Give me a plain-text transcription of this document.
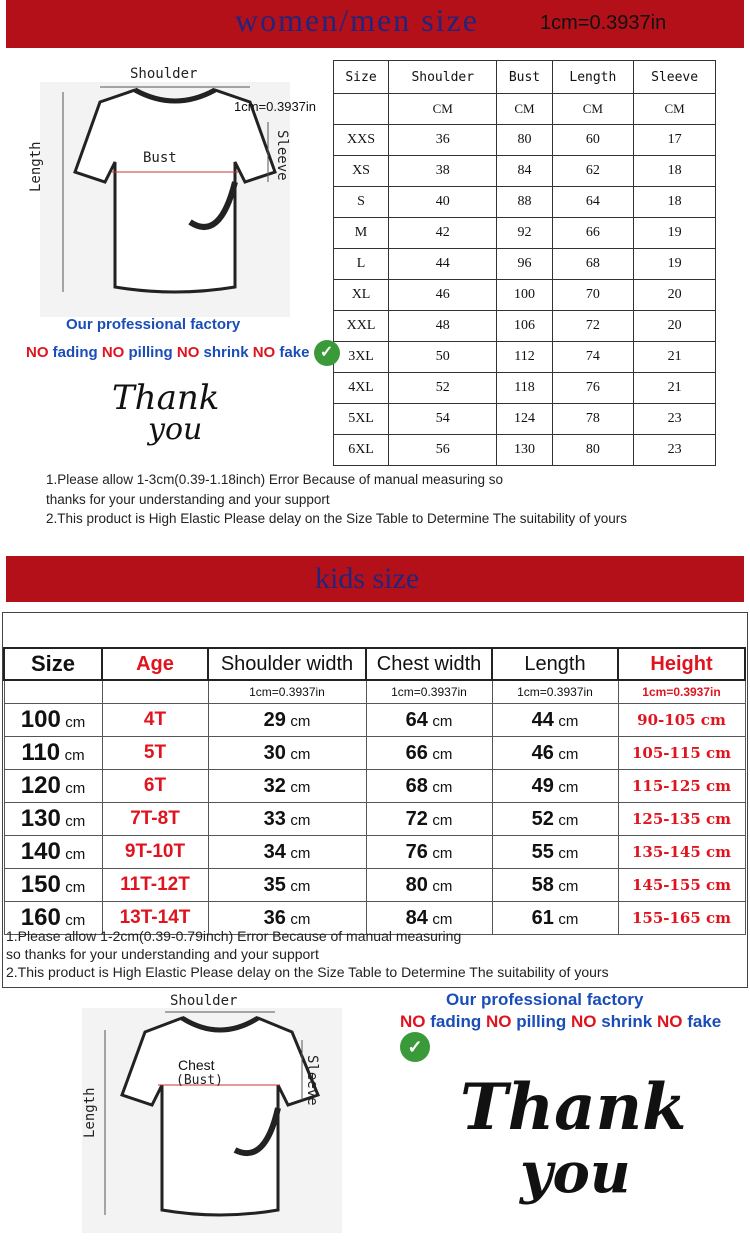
women/men size	1cm=0.3937in
Shoulder
Bust
Length	Sleeve
1cm=0.3937in
Size	Shoulder	Bust	Length	Sleeve
	CM	CM	CM	CM
XXS	36	80	60	17
XS	38	84	62	18
S	40	88	64	18
M	42	92	66	19
L	44	96	68	19
XL	46	100	70	20
XXL	48	106	72	20
3XL	50	112	74	21
4XL	52	118	76	21
5XL	54	124	78	23
6XL	56	130	80	23
Our professional factory
NO fading NO pilling NO shrink NO fake ✓
Thank
you
1.Please allow 1-3cm(0.39-1.18inch) Error Because of manual measuring so
thanks for your understanding and your support
2.This product is High Elastic Please delay on the Size Table to Determine The suitability of yours
kids size
Size	Age	Shoulder width	Chest width	Length	Height
		1cm=0.3937in	1cm=0.3937in	1cm=0.3937in	1cm=0.3937in
100 cm	4T	29 cm	64 cm	44 cm	90-105 cm
110 cm	5T	30 cm	66 cm	46 cm	105-115 cm
120 cm	6T	32 cm	68 cm	49 cm	115-125 cm
130 cm	7T-8T	33 cm	72 cm	52 cm	125-135 cm
140 cm	9T-10T	34 cm	76 cm	55 cm	135-145 cm
150 cm	11T-12T	35 cm	80 cm	58 cm	145-155 cm
160 cm	13T-14T	36 cm	84 cm	61 cm	155-165 cm
1.Please allow 1-2cm(0.39-0.79inch) Error Because of manual measuring
so thanks for your understanding and your support
2.This product is High Elastic Please delay on the Size Table to Determine The suitability of yours
Shoulder
Chest
(Bust)
Length
Sleeve
Our professional factory
NO fading NO pilling NO shrink NO fake ✓
Thank
you
